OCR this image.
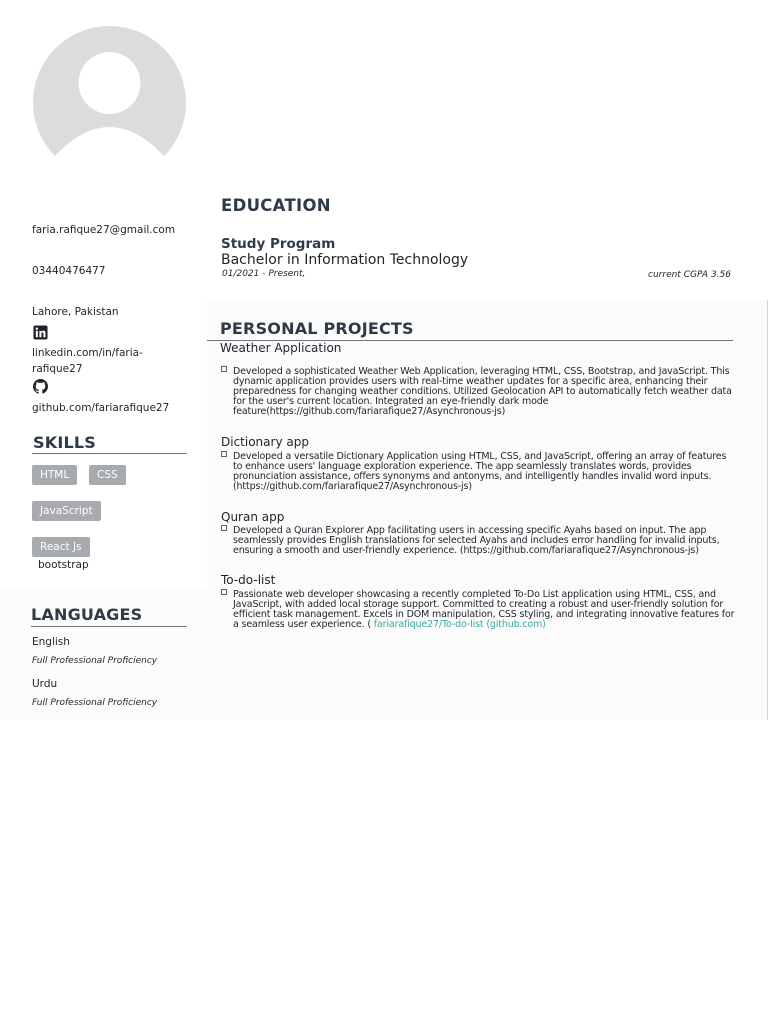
faria.rafique27@gmail.com
03440476477
Lahore, Pakistan
linkedin.com/in/faria-
rafique27
github.com/fariarafique27
SKILLS
HTML	CSS
JavaScript
React Js
bootstrap
LANGUAGES
English
Full Professional Proficiency
Urdu
Full Professional Proficiency
EDUCATION
Study Program
Bachelor in Information Technology
01/2021 - Present,	current CGPA 3.56
PERSONAL PROJECTS
Weather Application
Developed a sophisticated Weather Web Application, leveraging HTML, CSS, Bootstrap, and JavaScript. This dynamic application provides users with real-time weather updates for a specific area, enhancing their preparedness for changing weather conditions. Utilized Geolocation API to automatically fetch weather data for the user's current location. Integrated an eye-friendly dark mode feature(https://github.com/fariarafique27/Asynchronous-js)
Dictionary app
Developed a versatile Dictionary Application using HTML, CSS, and JavaScript, offering an array of features to enhance users' language exploration experience. The app seamlessly translates words, provides pronunciation assistance, offers synonyms and antonyms, and intelligently handles invalid word inputs.(https://github.com/fariarafique27/Asynchronous-js)
Quran app
Developed a Quran Explorer App facilitating users in accessing specific Ayahs based on input. The app seamlessly provides English translations for selected Ayahs and includes error handling for invalid inputs, ensuring a smooth and user-friendly experience. (https://github.com/fariarafique27/Asynchronous-js)
To-do-list
Passionate web developer showcasing a recently completed To-Do List application using HTML, CSS, and JavaScript, with added local storage support. Committed to creating a robust and user-friendly solution for efficient task management. Excels in DOM manipulation, CSS styling, and integrating innovative features for a seamless user experience. ( fariarafique27/To-do-list (github.com)
